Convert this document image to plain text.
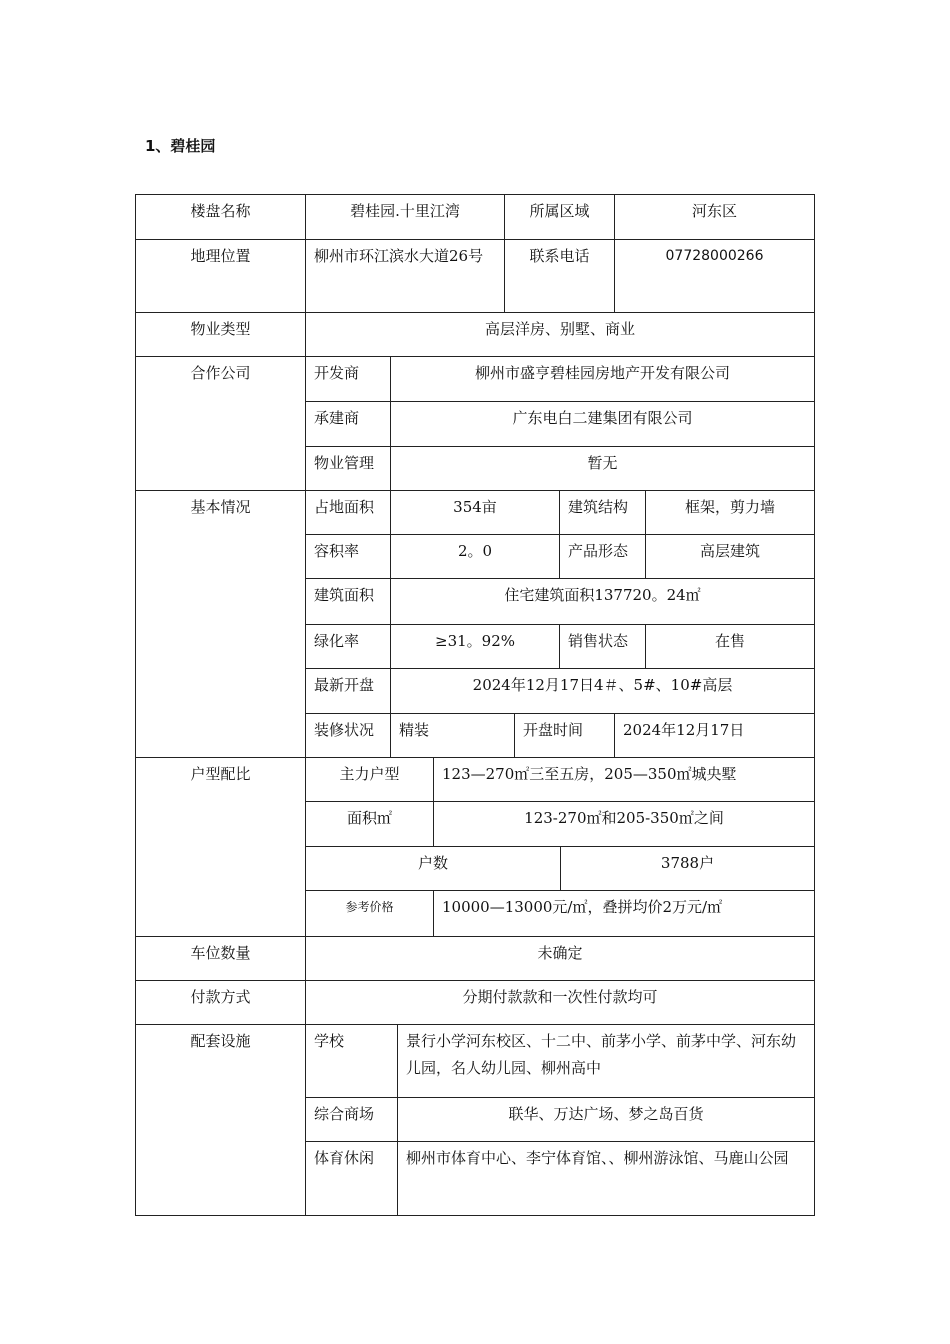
1、碧桂园
楼盘名称	碧桂园.十里江湾	所属区域	河东区
地理位置	柳州市环江滨水大道26号	联系电话	07728000266
物业类型	高层洋房、别墅、商业
合作公司	开发商	柳州市盛亨碧桂园房地产开发有限公司
承建商	广东电白二建集团有限公司
物业管理	暂无
基本情况	占地面积	354亩	建筑结构	框架，剪力墙
容积率	2。0	产品形态	高层建筑
建筑面积	住宅建筑面积137720。24㎡
绿化率	≥31。92%	销售状态	在售
最新开盘	2024年12月17日4＃、5#、10#高层
装修状况	精装	开盘时间	2024年12月17日
户型配比	主力户型	123—270㎡三至五房，205—350㎡城央墅
面积㎡	123-270㎡和205-350㎡之间
户数	3788户
参考价格	10000—13000元/㎡，叠拼均价2万元/㎡
车位数量	未确定
付款方式	分期付款款和一次性付款均可
配套设施	学校	景行小学河东校区、十二中、前茅小学、前茅中学、河东幼儿园，名人幼儿园、柳州高中
综合商场	联华、万达广场、梦之岛百货
体育休闲	柳州市体育中心、李宁体育馆、、柳州游泳馆、马鹿山公园
